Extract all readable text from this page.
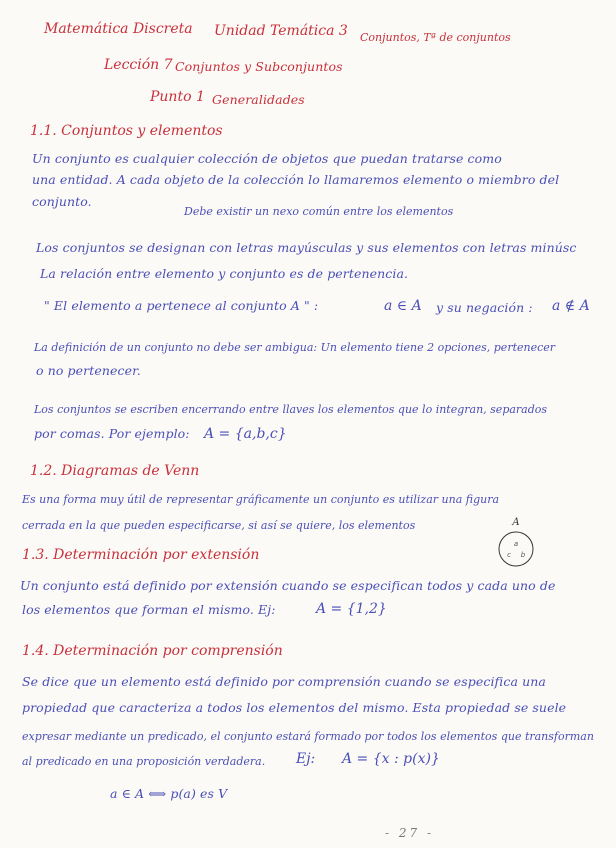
Matemática Discreta Unidad Temática 3 Conjuntos, Tª de conjuntos
Lección 7 Conjuntos y Subconjuntos
Punto 1 Generalidades
1.1. Conjuntos y elementos
Un conjunto es cualquier colección de objetos que puedan tratarse como
una entidad. A cada objeto de la colección lo llamaremos elemento o miembro del
conjunto.
Debe existir un nexo común entre los elementos
Los conjuntos se designan con letras mayúsculas y sus elementos con letras minúsc
La relación entre elemento y conjunto es de pertenencia.
" El elemento a pertenece al conjunto A " :	a ∈ A y su negación : a ∉ A
La definición de un conjunto no debe ser ambigua: Un elemento tiene 2 opciones, pertenecer
o no pertenecer.
Los conjuntos se escriben encerrando entre llaves los elementos que lo integran, separados
por comas. Por ejemplo: A = {a,b,c}
1.2. Diagramas de Venn
Es una forma muy útil de representar gráficamente un conjunto es utilizar una figura
cerrada en la que pueden especificarse, si así se quiere, los elementos	A
a
c b
1.3. Determinación por extensión
Un conjunto está definido por extensión cuando se especifican todos y cada uno de
los elementos que forman el mismo. Ej:	A = {1,2}
1.4. Determinación por comprensión
Se dice que un elemento está definido por comprensión cuando se especifica una
propiedad que caracteriza a todos los elementos del mismo. Esta propiedad se suele
expresar mediante un predicado, el conjunto estará formado por todos los elementos que transforman
al predicado en una proposición verdadera. Ej: A = {x : p(x)}
a ∈ A ⟺ p(a) es V
- 27 -
